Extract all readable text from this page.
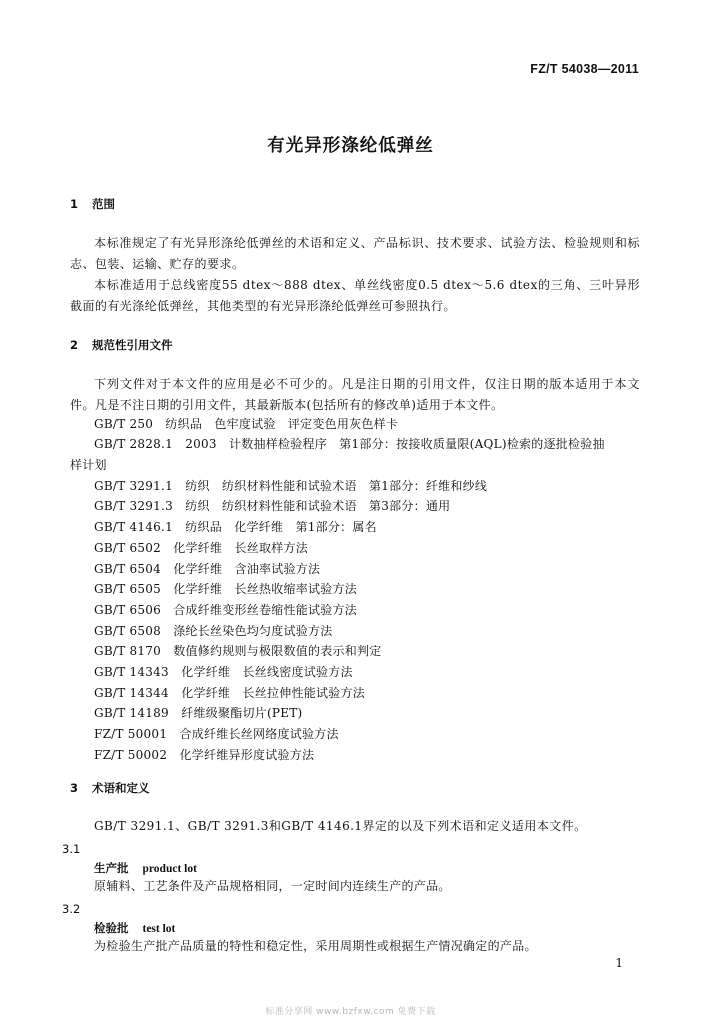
FZ/T 54038—2011
有光异形涤纶低弹丝
1 范围
本标准规定了有光异形涤纶低弹丝的术语和定义、产品标识、技术要求、试验方法、检验规则和标志、包装、运输、贮存的要求。
本标准适用于总线密度55 dtex～888 dtex、单丝线密度0.5 dtex～5.6 dtex的三角、三叶异形截面的有光涤纶低弹丝，其他类型的有光异形涤纶低弹丝可参照执行。
2 规范性引用文件
下列文件对于本文件的应用是必不可少的。凡是注日期的引用文件，仅注日期的版本适用于本文件。凡是不注日期的引用文件，其最新版本(包括所有的修改单)适用于本文件。
GB/T 250　纺织品　色牢度试验　评定变色用灰色样卡
GB/T 2828.1　2003　计数抽样检验程序　第1部分：按接收质量限(AQL)检索的逐批检验抽样计划
GB/T 3291.1　纺织　纺织材料性能和试验术语　第1部分：纤维和纱线
GB/T 3291.3　纺织　纺织材料性能和试验术语　第3部分：通用
GB/T 4146.1　纺织品　化学纤维　第1部分：属名
GB/T 6502　化学纤维　长丝取样方法
GB/T 6504　化学纤维　含油率试验方法
GB/T 6505　化学纤维　长丝热收缩率试验方法
GB/T 6506　合成纤维变形丝卷缩性能试验方法
GB/T 6508　涤纶长丝染色均匀度试验方法
GB/T 8170　数值修约规则与极限数值的表示和判定
GB/T 14343　化学纤维　长丝线密度试验方法
GB/T 14344　化学纤维　长丝拉伸性能试验方法
GB/T 14189　纤维级聚酯切片(PET)
FZ/T 50001　合成纤维长丝网络度试验方法
FZ/T 50002　化学纤维异形度试验方法
3 术语和定义
GB/T 3291.1、GB/T 3291.3和GB/T 4146.1界定的以及下列术语和定义适用本文件。
3.1
生产批 product lot
原辅料、工艺条件及产品规格相同，一定时间内连续生产的产品。
3.2
检验批 test lot
为检验生产批产品质量的特性和稳定性，采用周期性或根据生产情况确定的产品。
1
标准分享网 www.bzfxw.com 免费下载
